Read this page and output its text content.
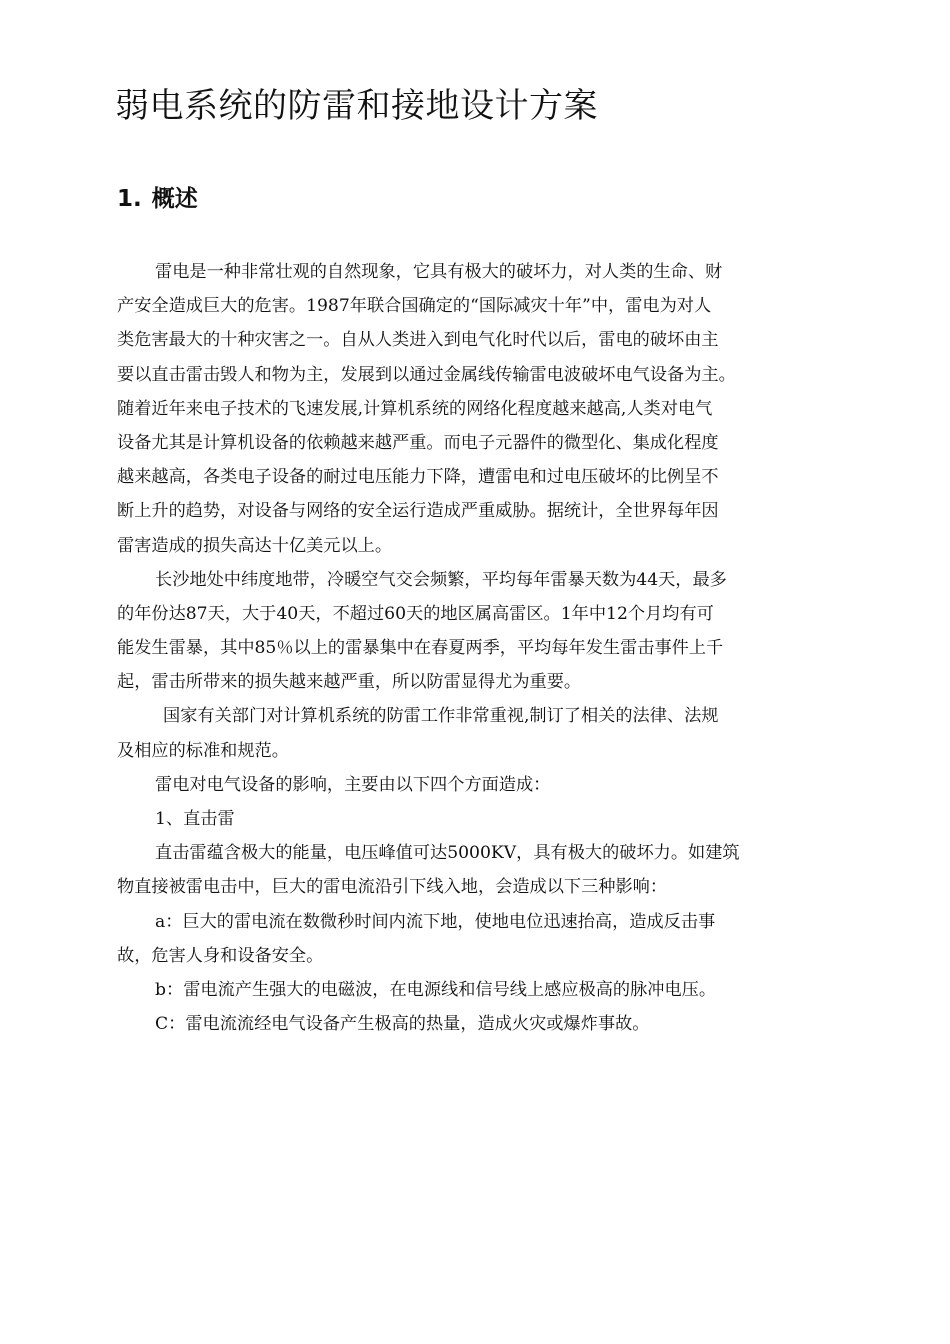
弱电系统的防雷和接地设计方案
1. 概述
雷电是一种非常壮观的自然现象，它具有极大的破坏力，对人类的生命、财
产安全造成巨大的危害。1987年联合国确定的“国际减灾十年”中，雷电为对人
类危害最大的十种灾害之一。自从人类进入到电气化时代以后，雷电的破坏由主
要以直击雷击毁人和物为主，发展到以通过金属线传输雷电波破坏电气设备为主。
随着近年来电子技术的飞速发展,计算机系统的网络化程度越来越高,人类对电气
设备尤其是计算机设备的依赖越来越严重。而电子元器件的微型化、集成化程度
越来越高，各类电子设备的耐过电压能力下降，遭雷电和过电压破坏的比例呈不
断上升的趋势，对设备与网络的安全运行造成严重威胁。据统计，全世界每年因
雷害造成的损失高达十亿美元以上。
长沙地处中纬度地带，冷暖空气交会频繁，平均每年雷暴天数为44天，最多
的年份达87天，大于40天，不超过60天的地区属高雷区。1年中12个月均有可
能发生雷暴，其中85％以上的雷暴集中在春夏两季，平均每年发生雷击事件上千
起，雷击所带来的损失越来越严重，所以防雷显得尤为重要。
国家有关部门对计算机系统的防雷工作非常重视,制订了相关的法律、法规
及相应的标准和规范。
雷电对电气设备的影响，主要由以下四个方面造成：
1、直击雷
直击雷蕴含极大的能量，电压峰值可达5000KV，具有极大的破坏力。如建筑
物直接被雷电击中，巨大的雷电流沿引下线入地，会造成以下三种影响：
a：巨大的雷电流在数微秒时间内流下地，使地电位迅速抬高，造成反击事
故，危害人身和设备安全。
b：雷电流产生强大的电磁波，在电源线和信号线上感应极高的脉冲电压。
C：雷电流流经电气设备产生极高的热量，造成火灾或爆炸事故。
